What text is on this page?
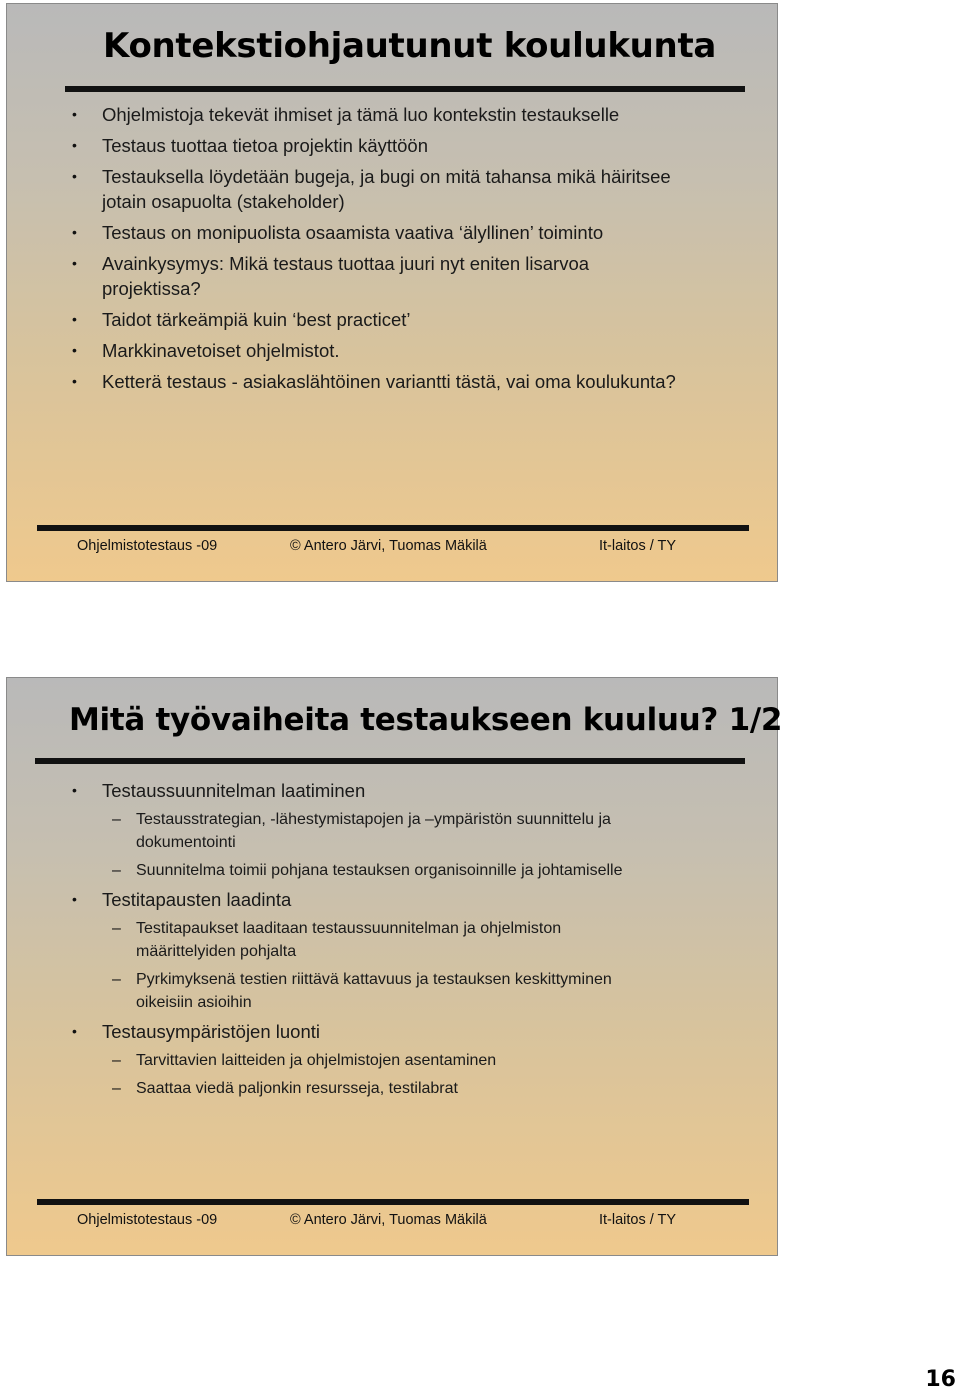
Kontekstiohjautunut koulukunta
• Ohjelmistoja tekevät ihmiset ja tämä luo kontekstin testaukselle
• Testaus tuottaa tietoa projektin käyttöön
• Testauksella löydetään bugeja, ja bugi on mitä tahansa mikä häiritsee jotain osapuolta (stakeholder)
• Testaus on monipuolista osaamista vaativa ‘älyllinen’ toiminto
• Avainkysymys: Mikä testaus tuottaa juuri nyt eniten lisarvoa projektissa?
• Taidot tärkeämpiä kuin ‘best practicet’
• Markkinavetoiset ohjelmistot.
• Ketterä testaus - asiakaslähtöinen variantti tästä, vai oma koulukunta?
Ohjelmistotestaus -09	© Antero Järvi, Tuomas Mäkilä	It-laitos / TY
Mitä työvaiheita testaukseen kuuluu? 1/2
• Testaussuunnitelman laatiminen
– Testausstrategian, -lähestymistapojen ja –ympäristön suunnittelu ja dokumentointi
– Suunnitelma toimii pohjana testauksen organisoinnille ja johtamiselle
• Testitapausten laadinta
– Testitapaukset laaditaan testaussuunnitelman ja ohjelmiston määrittelyiden pohjalta
– Pyrkimyksenä testien riittävä kattavuus ja testauksen keskittyminen oikeisiin asioihin
• Testausympäristöjen luonti
– Tarvittavien laitteiden ja ohjelmistojen asentaminen
– Saattaa viedä paljonkin resursseja, testilabrat
Ohjelmistotestaus -09	© Antero Järvi, Tuomas Mäkilä	It-laitos / TY
16
